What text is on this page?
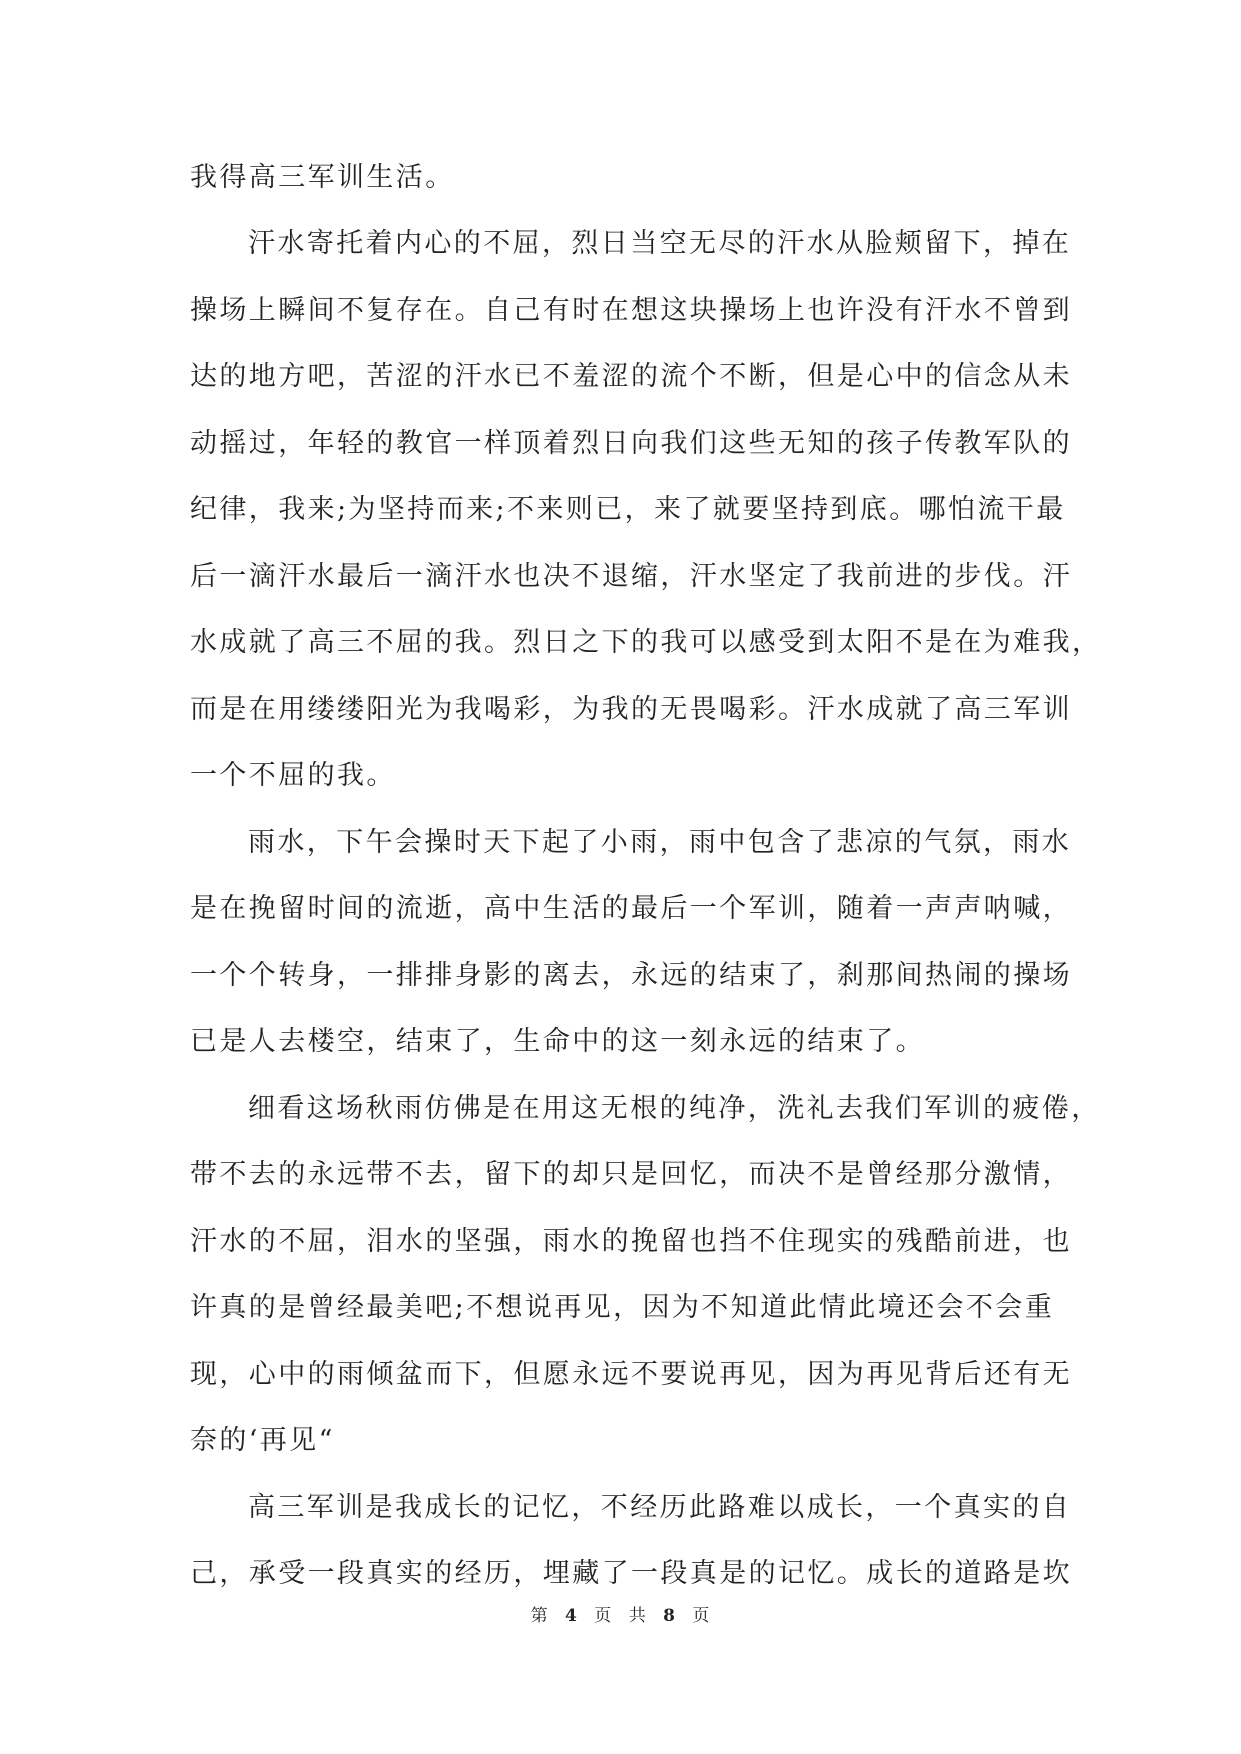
我得高三军训生活。
汗水寄托着内心的不屈，烈日当空无尽的汗水从脸颊留下，掉在
操场上瞬间不复存在。自己有时在想这块操场上也许没有汗水不曾到
达的地方吧，苦涩的汗水已不羞涩的流个不断，但是心中的信念从未
动摇过，年轻的教官一样顶着烈日向我们这些无知的孩子传教军队的
纪律，我来;为坚持而来;不来则已，来了就要坚持到底。哪怕流干最
后一滴汗水最后一滴汗水也决不退缩，汗水坚定了我前进的步伐。汗
水成就了高三不屈的我。烈日之下的我可以感受到太阳不是在为难我，
而是在用缕缕阳光为我喝彩，为我的无畏喝彩。汗水成就了高三军训
一个不屈的我。
雨水，下午会操时天下起了小雨，雨中包含了悲凉的气氛，雨水
是在挽留时间的流逝，高中生活的最后一个军训，随着一声声呐喊，
一个个转身，一排排身影的离去，永远的结束了，刹那间热闹的操场
已是人去楼空，结束了，生命中的这一刻永远的结束了。
细看这场秋雨仿佛是在用这无根的纯净，洗礼去我们军训的疲倦，
带不去的永远带不去，留下的却只是回忆，而决不是曾经那分激情，
汗水的不屈，泪水的坚强，雨水的挽留也挡不住现实的残酷前进，也
许真的是曾经最美吧;不想说再见，因为不知道此情此境还会不会重
现，心中的雨倾盆而下，但愿永远不要说再见，因为再见背后还有无
奈的‘再见“
高三军训是我成长的记忆，不经历此路难以成长，一个真实的自
己，承受一段真实的经历，埋藏了一段真是的记忆。成长的道路是坎
第 4 页 共 8 页
